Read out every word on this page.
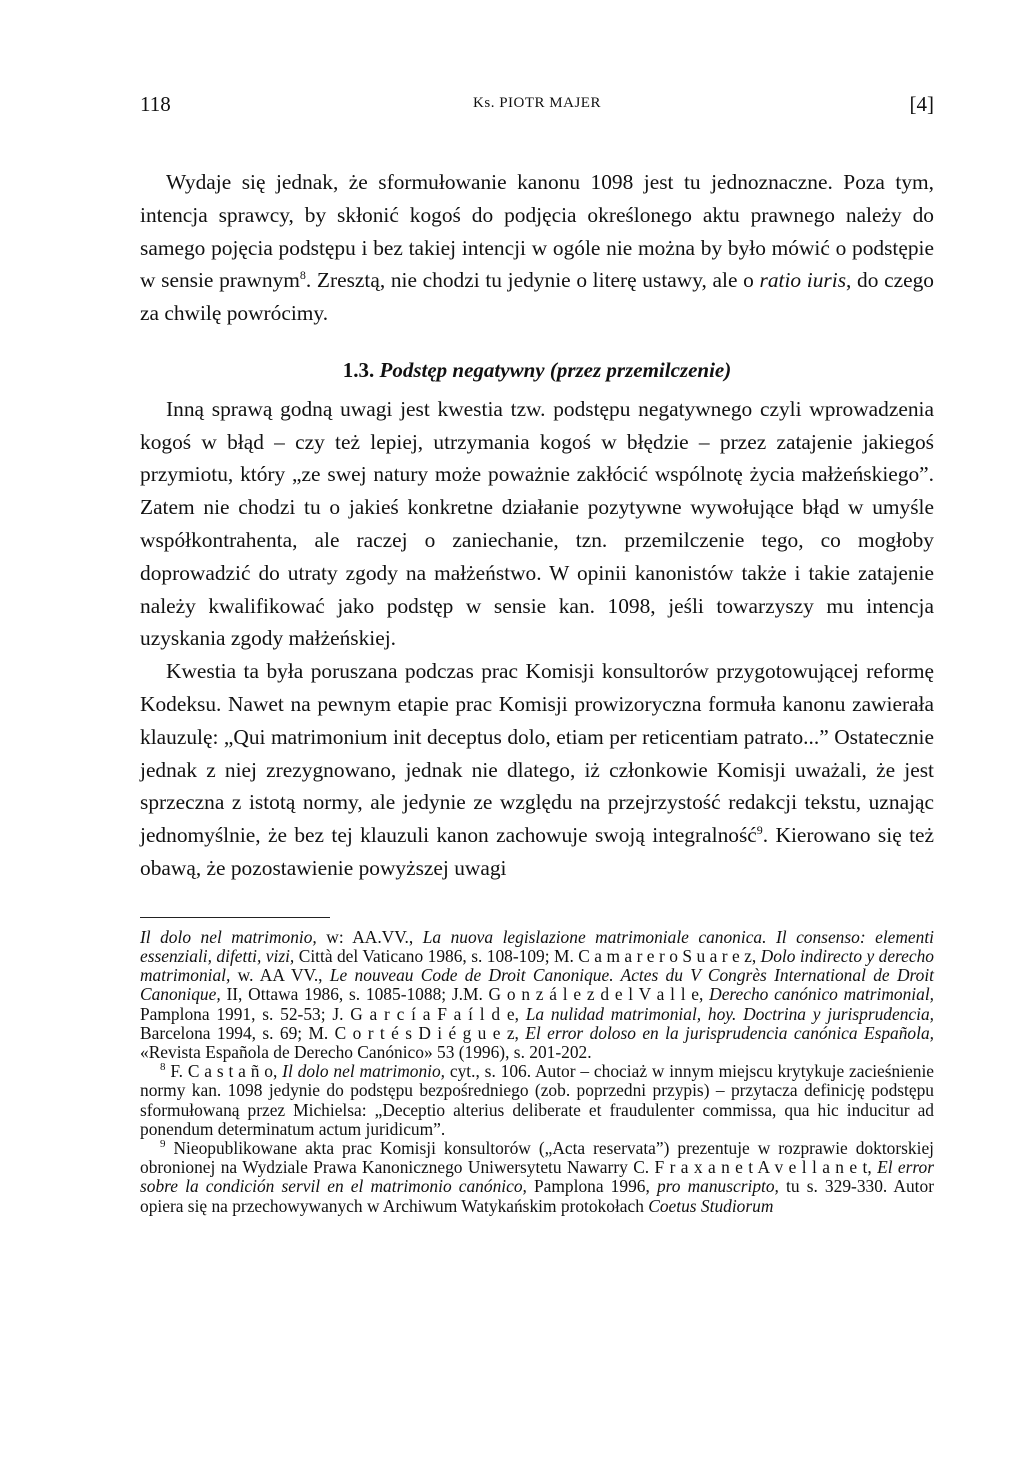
118	Ks. PIOTR MAJER	[4]

Wydaje się jednak, że sformułowanie kanonu 1098 jest tu jednoznaczne. Poza tym, intencja sprawcy, by skłonić kogoś do podjęcia określonego aktu prawnego należy do samego pojęcia podstępu i bez takiej intencji w ogóle nie można by było mówić o podstępie w sensie prawnym$^8$. Zresztą, nie chodzi tu jedynie o literę ustawy, ale o ratio iuris, do czego za chwilę powrócimy.

1.3. Podstęp negatywny (przez przemilczenie)

Inną sprawą godną uwagi jest kwestia tzw. podstępu negatywnego czyli wprowadzenia kogoś w błąd – czy też lepiej, utrzymania kogoś w błędzie – przez zatajenie jakiegoś przymiotu, który „ze swej natury może poważnie zakłócić wspólnotę życia małżeńskiego”. Zatem nie chodzi tu o jakieś konkretne działanie pozytywne wywołujące błąd w umyśle współkontrahenta, ale raczej o zaniechanie, tzn. przemilczenie tego, co mogłoby doprowadzić do utraty zgody na małżeństwo. W opinii kanonistów także i takie zatajenie należy kwalifikować jako podstęp w sensie kan. 1098, jeśli towarzyszy mu intencja uzyskania zgody małżeńskiej.

Kwestia ta była poruszana podczas prac Komisji konsultorów przygotowującej reformę Kodeksu. Nawet na pewnym etapie prac Komisji prowizoryczna formuła kanonu zawierała klauzulę: „Qui matrimonium init deceptus dolo, etiam per reticentiam patrato...” Ostatecznie jednak z niej zrezygnowano, jednak nie dlatego, iż członkowie Komisji uważali, że jest sprzeczna z istotą normy, ale jedynie ze względu na przejrzystość redakcji tekstu, uznając jednomyślnie, że bez tej klauzuli kanon zachowuje swoją integralność$^9$. Kierowano się też obawą, że pozostawienie powyższej uwagi

Il dolo nel matrimonio, w: AA.VV., La nuova legislazione matrimoniale canonica. Il consenso: elementi essenziali, difetti, vizi, Città del Vaticano 1986, s. 108-109; M. C a m a r e r o S u a r e z, Dolo indirecto y derecho matrimonial, w. AA VV., Le nouveau Code de Droit Canonique. Actes du V Congrès International de Droit Canonique, II, Ottawa 1986, s. 1085-1088; J.M. G o n z á l e z d e l V a l l e, Derecho canónico matrimonial, Pamplona 1991, s. 52-53; J. G a r c í a F a í l d e, La nulidad matrimonial, hoy. Doctrina y jurisprudencia, Barcelona 1994, s. 69; M. C o r t é s D i é g u e z, El error doloso en la jurisprudencia canónica Española, «Revista Española de Derecho Canónico» 53 (1996), s. 201-202.

$^8$ F. C a s t a ñ o, Il dolo nel matrimonio, cyt., s. 106. Autor – chociaż w innym miejscu krytykuje zacieśnienie normy kan. 1098 jedynie do podstępu bezpośredniego (zob. poprzedni przypis) – przytacza definicję podstępu sformułowaną przez Michielsa: „Deceptio alterius deliberate et fraudulenter commissa, qua hic inducitur ad ponendum determinatum actum juridicum”.

$^9$ Nieopublikowane akta prac Komisji konsultorów („Acta reservata”) prezentuje w rozprawie doktorskiej obronionej na Wydziale Prawa Kanonicznego Uniwersytetu Nawarry C. F r a x a n e t A v e l l a n e t, El error sobre la condición servil en el matrimonio canónico, Pamplona 1996, pro manuscripto, tu s. 329-330. Autor opiera się na przechowywanych w Archiwum Watykańskim protokołach Coetus Studiorum
